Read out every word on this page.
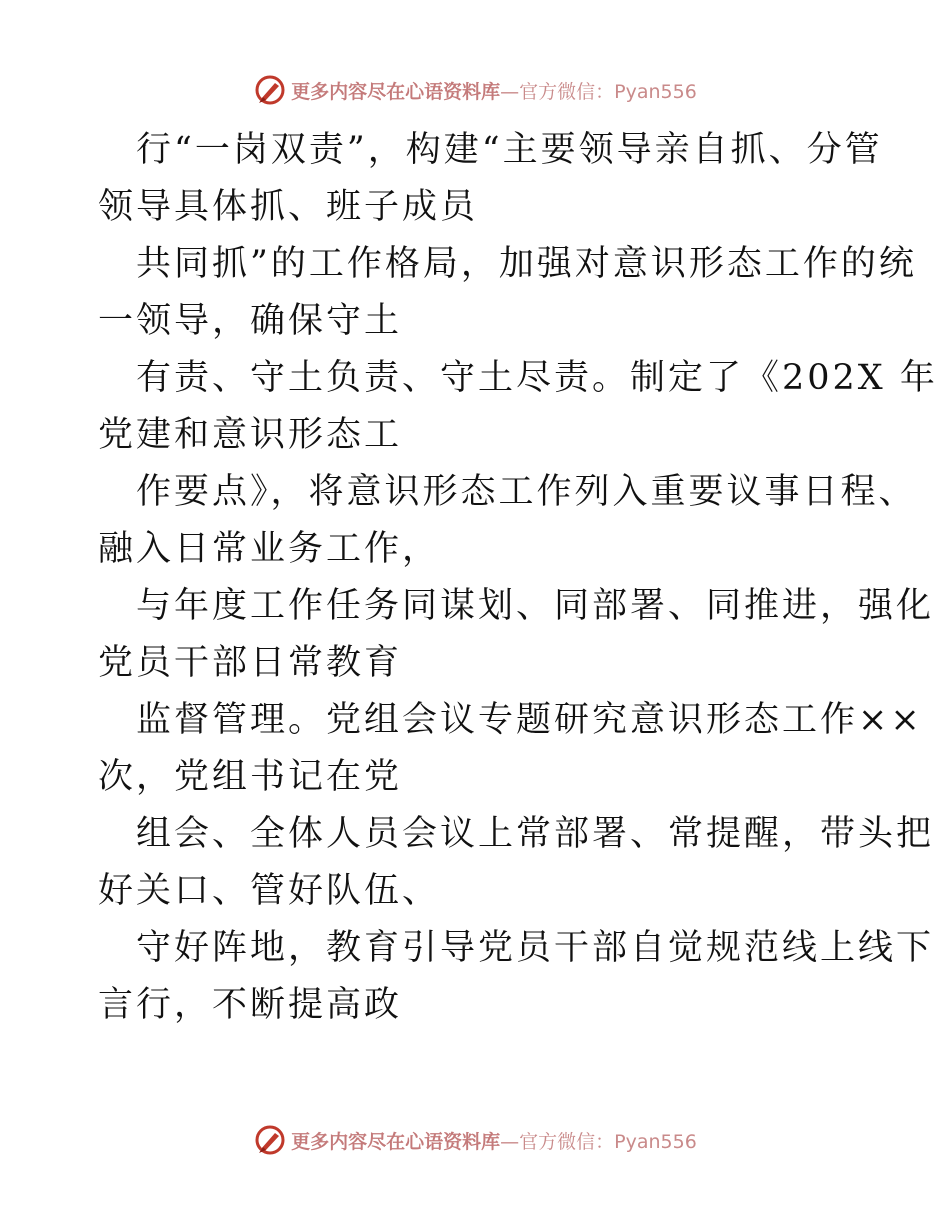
更多内容尽在心语资料库—官方微信：Pyan556

行“一岗双责”，构建“主要领导亲自抓、分管
领导具体抓、班子成员
共同抓”的工作格局，加强对意识形态工作的统
一领导，确保守土
有责、守土负责、守土尽责。制定了《202X 年
党建和意识形态工
作要点》，将意识形态工作列入重要议事日程、
融入日常业务工作，
与年度工作任务同谋划、同部署、同推进，强化
党员干部日常教育
监督管理。党组会议专题研究意识形态工作××
次，党组书记在党
组会、全体人员会议上常部署、常提醒，带头把
好关口、管好队伍、
守好阵地，教育引导党员干部自觉规范线上线下
言行，不断提高政

更多内容尽在心语资料库—官方微信：Pyan556
